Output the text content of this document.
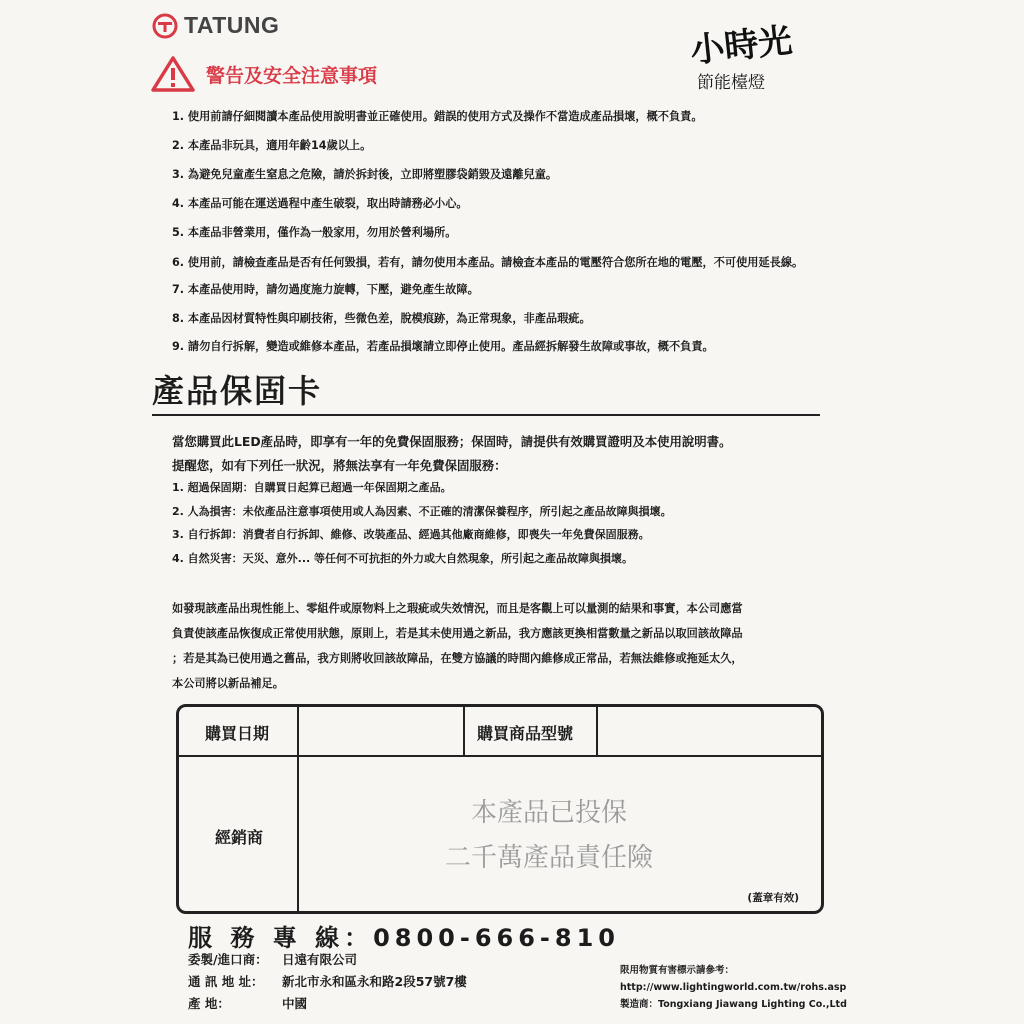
TATUNG
警告及安全注意事項
小時光
節能檯燈
1. 使用前請仔細閱讀本產品使用說明書並正確使用。錯誤的使用方式及操作不當造成產品損壞，概不負責。
2. 本產品非玩具，適用年齡14歲以上。
3. 為避免兒童產生窒息之危險，請於拆封後，立即將塑膠袋銷毀及遠離兒童。
4. 本產品可能在運送過程中產生破裂，取出時請務必小心。
5. 本產品非營業用，僅作為一般家用，勿用於營利場所。
6. 使用前，請檢查產品是否有任何毀損，若有，請勿使用本產品。請檢查本產品的電壓符合您所在地的電壓，不可使用延長線。
7. 本產品使用時，請勿過度施力旋轉，下壓，避免產生故障。
8. 本產品因材質特性與印刷技術，些微色差，脫模痕跡，為正常現象，非產品瑕疵。
9. 請勿自行拆解，變造或維修本產品，若產品損壞請立即停止使用。產品經拆解發生故障或事故，概不負責。
產品保固卡
當您購買此LED產品時，即享有一年的免費保固服務；保固時，請提供有效購買證明及本使用說明書。
提醒您，如有下列任一狀況，將無法享有一年免費保固服務：
1. 超過保固期：自購買日起算已超過一年保固期之產品。
2. 人為損害：未依產品注意事項使用或人為因素、不正確的清潔保養程序，所引起之產品故障與損壞。
3. 自行拆卸：消費者自行拆卸、維修、改裝產品、經過其他廠商維修，即喪失一年免費保固服務。
4. 自然災害：天災、意外... 等任何不可抗拒的外力或大自然現象，所引起之產品故障與損壞。

如發現該產品出現性能上、零組件或原物料上之瑕疵或失效情況，而且是客觀上可以量測的結果和事實，本公司應當

負責使該產品恢復成正常使用狀態，原則上，若是其未使用過之新品，我方應該更換相當數量之新品以取回該故障品

；若是其為已使用過之舊品，我方則將收回該故障品，在雙方協議的時間內維修成正常品，若無法維修或拖延太久，

本公司將以新品補足。

購買日期	購買商品型號
經銷商
本產品已投保
二千萬產品責任險
(蓋章有效)
服 務 專 線：0800-666-810
委製/進口商： 日遠有限公司
通 訊 地 址： 新北市永和區永和路2段57號7樓
產 地：	中國
限用物質有害標示請參考：
http://www.lightingworld.com.tw/rohs.asp
製造商：Tongxiang Jiawang Lighting Co.,Ltd
